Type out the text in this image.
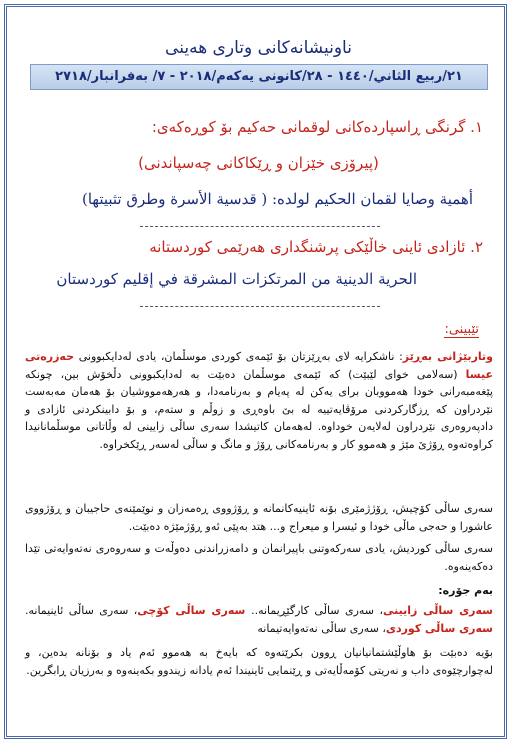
ناونیشانەکانی وتاری هەینی
٢١/ربيع الثاني/١٤٤٠ - ٢٨/کانونی یەکەم/٢٠١٨ - ٧/ بەفرانبار/٢٧١٨
١. گرنگی ڕاسپاردەکانی لوقمانی حەکیم بۆ کوڕەکەی:
(پیرۆزی خێزان و ڕێکاکانی چەسپاندنی)
أهمية وصايا لقمان الحكيم لولده: ( قدسية الأسرة وطرق تثبيتها)
٢. ئازادی ئاینی خاڵێکی پرشنگداری هەرێمی کوردستانە
الحرية الدينية من المرتكزات المشرقة في إقليم كوردستان
تێبینی:
وتاربێژانی بەڕێز: ناشکرایە لای بەڕێزتان بۆ ئێمەی کوردی موسڵمان، یادی لەدایکبوونی حەزرەتی عیسا (سەلامی خوای لێبێت) کە ئێمەی موسڵمان دەبێت بە لەدایکبوونی دڵخۆش بین، چونکە پێغەمبەرانی خودا هەمووبان برای یەکن لە پەیام و بەرنامەدا، و هەرهەمووشیان بۆ هەمان مەبەست نێردراون کە ڕزگارکردنی مرۆڤایەتییە لە بێ باوەڕی و زوڵم و ستەم، و بۆ دابینکردنی ئازادی و دادپەروەری نێردراون لەلایەن خوداوە. لەهەمان کاتیشدا سەری ساڵی زایینی لە وڵاتانی موسڵمانانیدا کراوەتەوە ڕۆژێ مێژ و هەموو کار و بەرنامەکانی ڕۆژ و مانگ و ساڵی لەسەر ڕێکخراوە.
سەری ساڵی کۆچیش، ڕۆژژمێری بۆنە ئاینیەکانمانە و ڕۆژووی ڕەمەزان و نوێمێنەی حاجیبان و ڕۆژووی عاشورا و حەجی ماڵی خودا و ئیسرا و میعراج و... هتد بەپێی ئەو ڕۆژمێژە دەبێت.
سەری ساڵی کوردیش، یادی سەرکەوتنی باپیرانمان و دامەزراندنی دەوڵەت و سەروەری نەتەوایەتی تێدا دەکەینەوە.
بەم جۆرە:
سەری ساڵی زایینی، سەری ساڵی کارگێڕیمانە.. سەری ساڵی کۆچی، سەری ساڵی ئاینیمانە. سەری ساڵی کوردی، سەری ساڵی نەتەوایەتیمانە
بۆیە دەبێت بۆ هاوڵێشتمانیانیان ڕوون بکرێتەوە کە بایەخ بە هەموو ئەم یاد و بۆنانە بدەین، و لەچوارچێوەی داب و نەریتی کۆمەڵایەتی و ڕێنمایی ئاینیندا ئەم یادانە زیندوو بکەینەوە و بەرزیان ڕابگرین.
